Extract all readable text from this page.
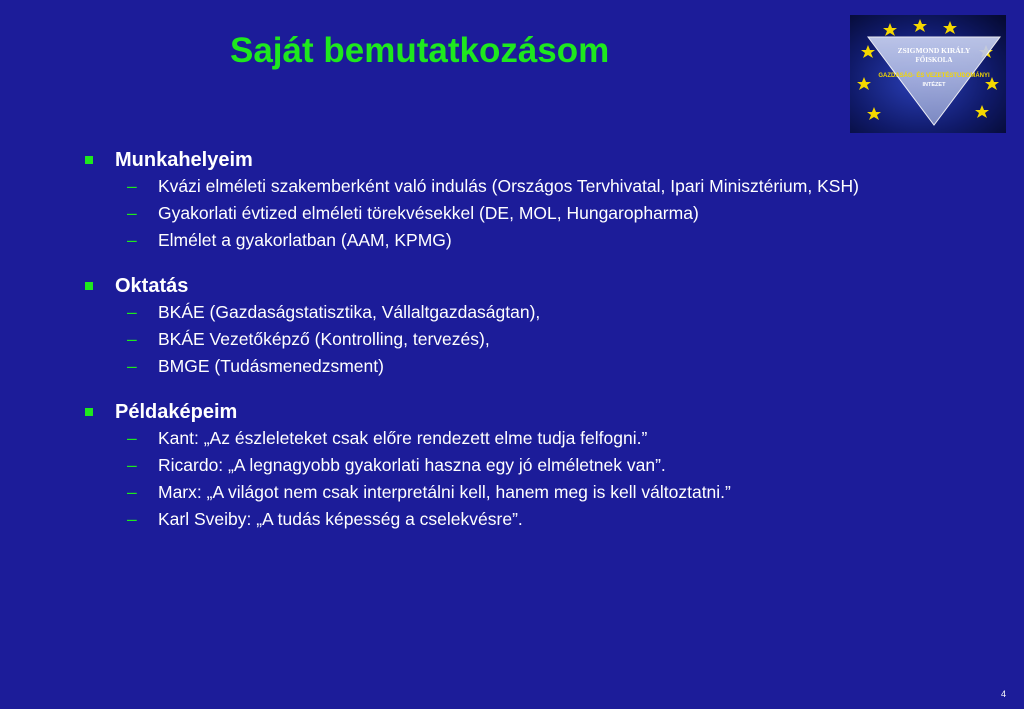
Saját bemutatkozásom	ZSIGMOND KIRÁLY
FŐISKOLA
GAZDASÁG- ÉS VEZETÉSTUDOMÁNYI
INTÉZET
Munkahelyeim
– Kvázi elméleti szakemberként való indulás (Országos Tervhivatal, Ipari Minisztérium, KSH)
– Gyakorlati évtized elméleti törekvésekkel (DE, MOL, Hungaropharma)
– Elmélet a gyakorlatban (AAM, KPMG)
Oktatás
– BKÁE (Gazdaságstatisztika, Vállaltgazdaságtan),
– BKÁE Vezetőképző (Kontrolling, tervezés),
– BMGE (Tudásmenedzsment)
Példaképeim
– Kant: „Az észleleteket csak előre rendezett elme tudja felfogni.”
– Ricardo: „A legnagyobb gyakorlati haszna egy jó elméletnek van”.
– Marx: „A világot nem csak interpretálni kell, hanem meg is kell változtatni.”
– Karl Sveiby: „A tudás képesség a cselekvésre”.
4
